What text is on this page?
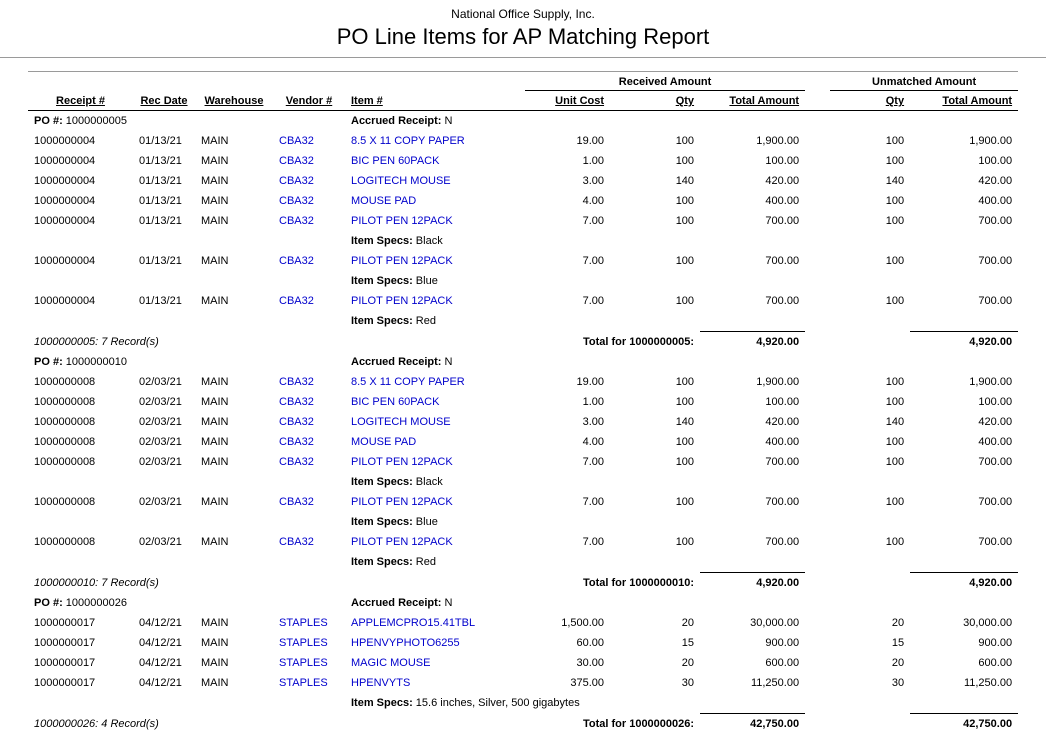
National Office Supply, Inc.
PO Line Items for AP Matching Report
					Received Amount				Unmatched Amount	
Receipt #	Rec Date	Warehouse	Vendor #	Item #	Unit Cost	Qty	Total Amount		Qty	Total Amount
PO #: 1000000005				Accrued Receipt: N						
1000000004	01/13/21	MAIN	CBA32	8.5 X 11 COPY PAPER	19.00	100	1,900.00		100	1,900.00
1000000004	01/13/21	MAIN	CBA32	BIC PEN 60PACK	1.00	100	100.00		100	100.00
1000000004	01/13/21	MAIN	CBA32	LOGITECH MOUSE	3.00	140	420.00		140	420.00
1000000004	01/13/21	MAIN	CBA32	MOUSE PAD	4.00	100	400.00		100	400.00
1000000004	01/13/21	MAIN	CBA32	PILOT PEN 12PACK	7.00	100	700.00		100	700.00
				Item Specs: Black						
1000000004	01/13/21	MAIN	CBA32	PILOT PEN 12PACK	7.00	100	700.00		100	700.00
				Item Specs: Blue						
1000000004	01/13/21	MAIN	CBA32	PILOT PEN 12PACK	7.00	100	700.00		100	700.00
				Item Specs: Red						
1000000005: 7 Record(s)				Total for 1000000005:			4,920.00			4,920.00
PO #: 1000000010				Accrued Receipt: N						
1000000008	02/03/21	MAIN	CBA32	8.5 X 11 COPY PAPER	19.00	100	1,900.00		100	1,900.00
1000000008	02/03/21	MAIN	CBA32	BIC PEN 60PACK	1.00	100	100.00		100	100.00
1000000008	02/03/21	MAIN	CBA32	LOGITECH MOUSE	3.00	140	420.00		140	420.00
1000000008	02/03/21	MAIN	CBA32	MOUSE PAD	4.00	100	400.00		100	400.00
1000000008	02/03/21	MAIN	CBA32	PILOT PEN 12PACK	7.00	100	700.00		100	700.00
				Item Specs: Black						
1000000008	02/03/21	MAIN	CBA32	PILOT PEN 12PACK	7.00	100	700.00		100	700.00
				Item Specs: Blue						
1000000008	02/03/21	MAIN	CBA32	PILOT PEN 12PACK	7.00	100	700.00		100	700.00
				Item Specs: Red						
1000000010: 7 Record(s)				Total for 1000000010:			4,920.00			4,920.00
PO #: 1000000026				Accrued Receipt: N						
1000000017	04/12/21	MAIN	STAPLES	APPLEMCPRO15.41TBL	1,500.00	20	30,000.00		20	30,000.00
1000000017	04/12/21	MAIN	STAPLES	HPENVYPHOTO6255	60.00	15	900.00		15	900.00
1000000017	04/12/21	MAIN	STAPLES	MAGIC MOUSE	30.00	20	600.00		20	600.00
1000000017	04/12/21	MAIN	STAPLES	HPENVYTS	375.00	30	11,250.00		30	11,250.00
				Item Specs: 15.6 inches, Silver, 500 gigabytes						
1000000026: 4 Record(s)				Total for 1000000026:			42,750.00			42,750.00
